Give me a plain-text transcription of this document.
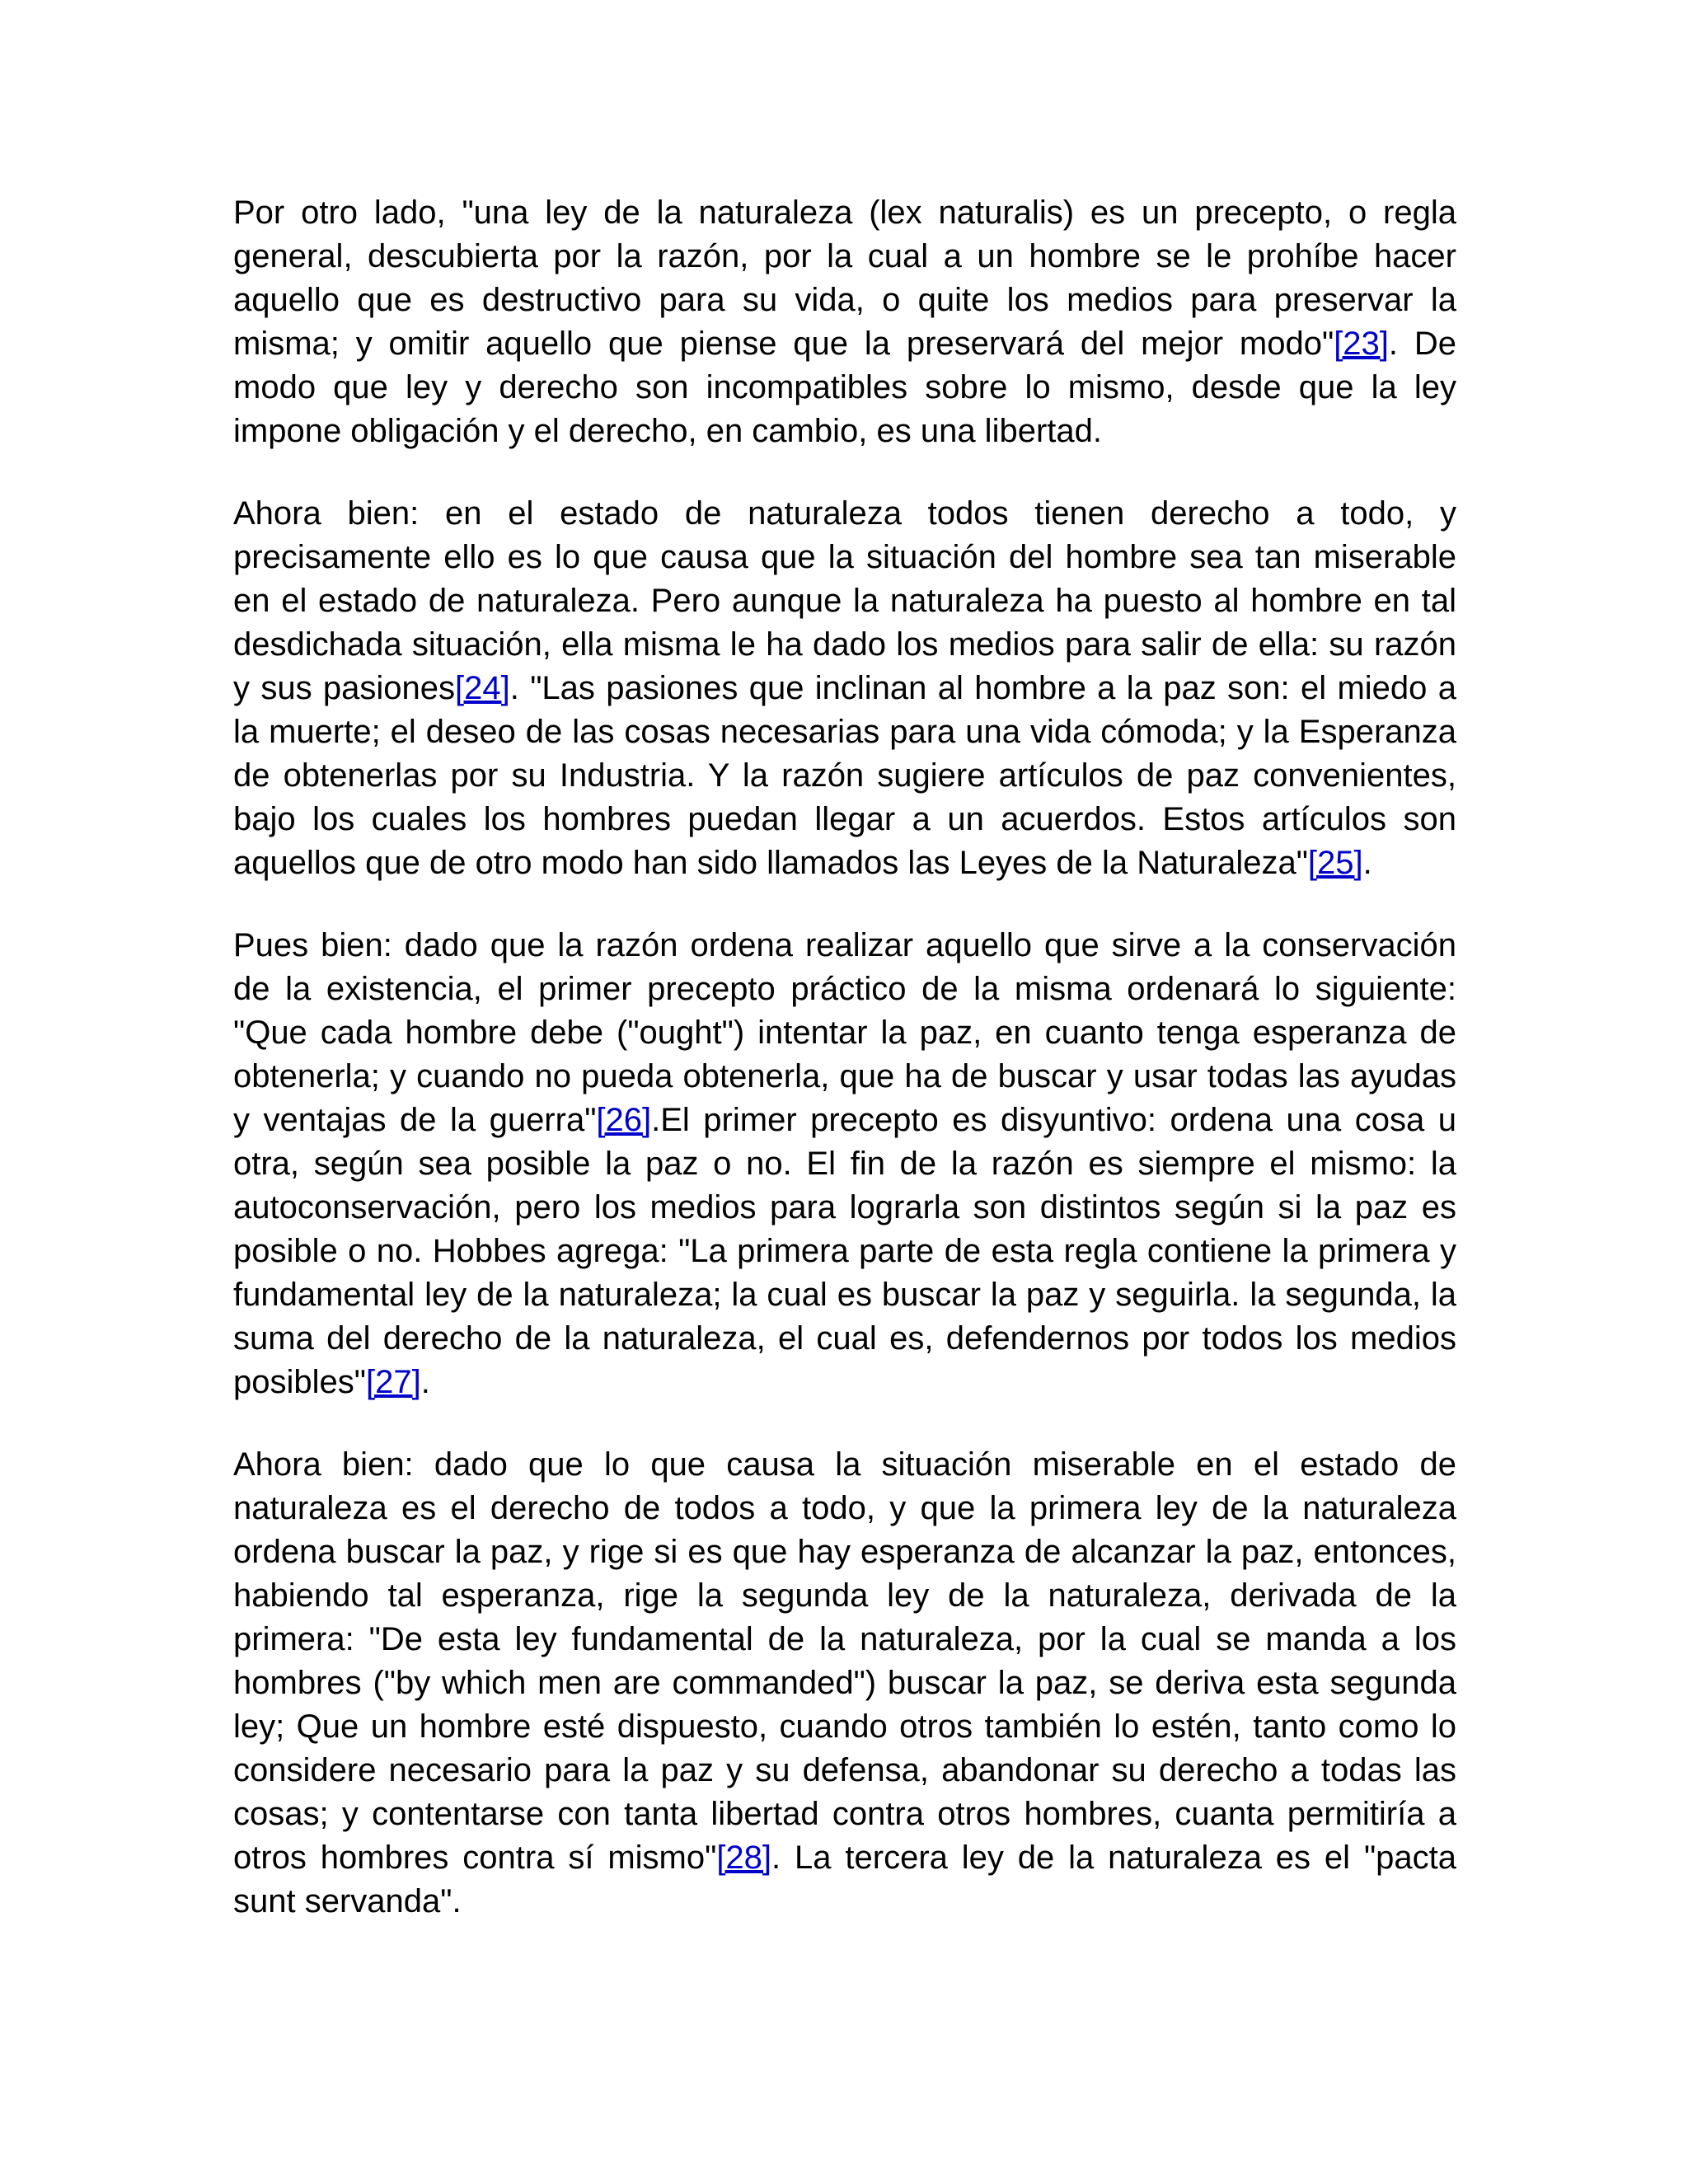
Por otro lado, "una ley de la naturaleza (lex naturalis) es un precepto, o regla general, descubierta por la razón, por la cual a un hombre se le prohíbe hacer aquello que es destructivo para su vida, o quite los medios para preservar la misma; y omitir aquello que piense que la preservará del mejor modo"[23]. De modo que ley y derecho son incompatibles sobre lo mismo, desde que la ley impone obligación y el derecho, en cambio, es una libertad.

Ahora bien: en el estado de naturaleza todos tienen derecho a todo, y precisamente ello es lo que causa que la situación del hombre sea tan miserable en el estado de naturaleza. Pero aunque la naturaleza ha puesto al hombre en tal desdichada situación, ella misma le ha dado los medios para salir de ella: su razón y sus pasiones[24]. "Las pasiones que inclinan al hombre a la paz son: el miedo a la muerte; el deseo de las cosas necesarias para una vida cómoda; y la Esperanza de obtenerlas por su Industria. Y la razón sugiere artículos de paz convenientes, bajo los cuales los hombres puedan llegar a un acuerdos. Estos artículos son aquellos que de otro modo han sido llamados las Leyes de la Naturaleza"[25].

Pues bien: dado que la razón ordena realizar aquello que sirve a la conservación de la existencia, el primer precepto práctico de la misma ordenará lo siguiente: "Que cada hombre debe ("ought") intentar la paz, en cuanto tenga esperanza de obtenerla; y cuando no pueda obtenerla, que ha de buscar y usar todas las ayudas y ventajas de la guerra"[26].El primer precepto es disyuntivo: ordena una cosa u otra, según sea posible la paz o no. El fin de la razón es siempre el mismo: la autoconservación, pero los medios para lograrla son distintos según si la paz es posible o no. Hobbes agrega: "La primera parte de esta regla contiene la primera y fundamental ley de la naturaleza; la cual es buscar la paz y seguirla. la segunda, la suma del derecho de la naturaleza, el cual es, defendernos por todos los medios posibles"[27].

Ahora bien: dado que lo que causa la situación miserable en el estado de naturaleza es el derecho de todos a todo, y que la primera ley de la naturaleza ordena buscar la paz, y rige si es que hay esperanza de alcanzar la paz, entonces, habiendo tal esperanza, rige la segunda ley de la naturaleza, derivada de la primera: "De esta ley fundamental de la naturaleza, por la cual se manda a los hombres ("by which men are commanded") buscar la paz, se deriva esta segunda ley; Que un hombre esté dispuesto, cuando otros también lo estén, tanto como lo considere necesario para la paz y su defensa, abandonar su derecho a todas las cosas; y contentarse con tanta libertad contra otros hombres, cuanta permitiría a otros hombres contra sí mismo"[28]. La tercera ley de la naturaleza es el "pacta sunt servanda".
